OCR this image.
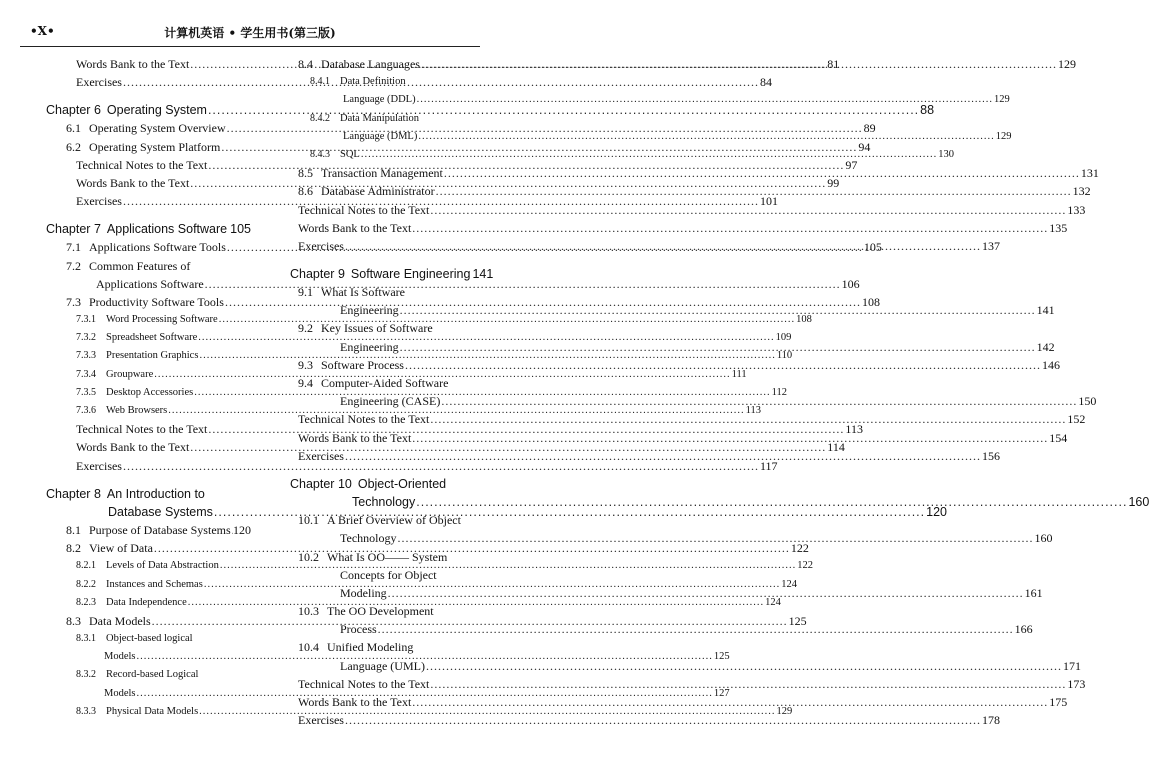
•X•	计算机英语 • 学生用书(第三版)
Words Bank to the Text .....	81
Exercises .....	84
Chapter 6 Operating System .....	88
6.1 Operating System Overview .....	89
6.2 Operating System Platform .....	94
Technical Notes to the Text .....	97
Words Bank to the Text .....	99
Exercises .....	101
Chapter 7 Applications Software ..... 105
7.1 Applications Software Tools .....	105
7.2 Common Features of
Applications Software .....	106
7.3 Productivity Software Tools .....	108
7.3.1 Word Processing Software .....	108
7.3.2 Spreadsheet Software .....	109
7.3.3 Presentation Graphics .....	110
7.3.4 Groupware .....	111
7.3.5 Desktop Accessories .....	112
7.3.6 Web Browsers .....	113
Technical Notes to the Text .....	113
Words Bank to the Text .....	114
Exercises .....	117
Chapter 8 An Introduction to
Database Systems .....	120
8.1 Purpose of Database Systems ..... 120
8.2 View of Data .....	122
8.2.1 Levels of Data Abstraction .....	122
8.2.2 Instances and Schemas .....	124
8.2.3 Data Independence .....	124
8.3 Data Models .....	125
8.3.1 Object-based logical
Models .....	125
8.3.2 Record-based Logical
Models .....	127
8.3.3 Physical Data Models .....	129
8.4 Database Languages .....	129
8.4.1 Data Definition
Language (DDL) .....	129
8.4.2 Data Manipulation
Language (DML) .....	129
8.4.3 SQL .....	130
8.5 Transaction Management .....	131
8.6 Database Administrator .....	132
Technical Notes to the Text .....	133
Words Bank to the Text .....	135
Exercises .....	137
Chapter 9 Software Engineering 141
9.1 What Is Software
Engineering .....	141
9.2 Key Issues of Software
Engineering .....	142
9.3 Software Process .....	146
9.4 Computer-Aided Software
Engineering (CASE) .....	150
Technical Notes to the Text .....	152
Words Bank to the Text .....	154
Exercises .....	156
Chapter 10 Object-Oriented
Technology .....	160
10.1 A Brief Overview of Object
Technology .....	160
10.2 What Is OO—— System
Concepts for Object
Modeling .....	161
10.3 The OO Development
Process .....	166
10.4 Unified Modeling
Language (UML) .....	171
Technical Notes to the Text .....	173
Words Bank to the Text .....	175
Exercises .....	178
